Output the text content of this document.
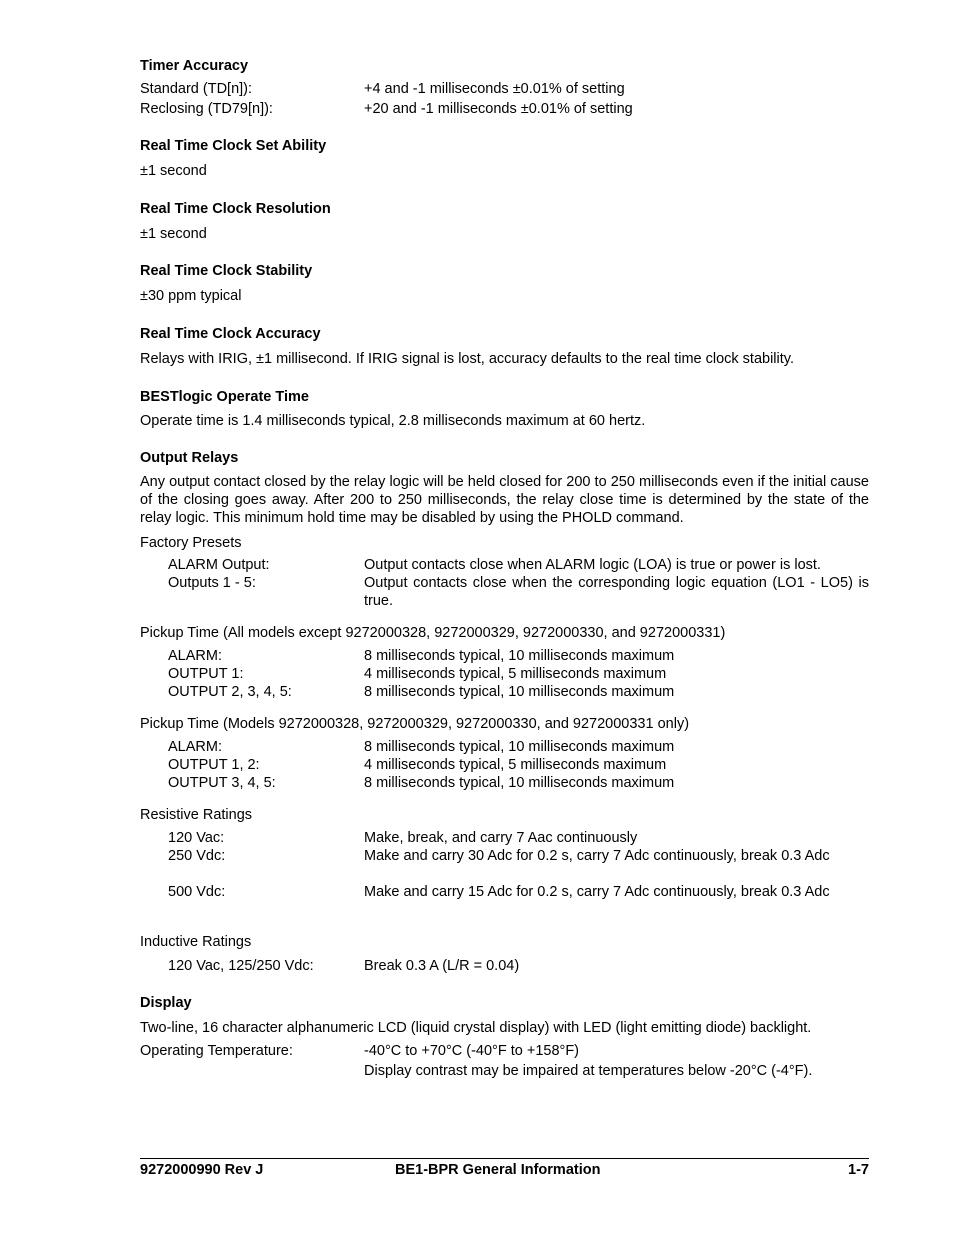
Timer Accuracy
Standard (TD[n]):	+4 and -1 milliseconds ±0.01% of setting
Reclosing (TD79[n]):	+20 and -1 milliseconds ±0.01% of setting
Real Time Clock Set Ability
±1 second
Real Time Clock Resolution
±1 second
Real Time Clock Stability
±30 ppm typical
Real Time Clock Accuracy
Relays with IRIG, ±1 millisecond. If IRIG signal is lost, accuracy defaults to the real time clock stability.
BESTlogic Operate Time
Operate time is 1.4 milliseconds typical, 2.8 milliseconds maximum at 60 hertz.
Output Relays
Any output contact closed by the relay logic will be held closed for 200 to 250 milliseconds even if the initial cause of the closing goes away. After 200 to 250 milliseconds, the relay close time is determined by the state of the relay logic. This minimum hold time may be disabled by using the PHOLD command.
Factory Presets
ALARM Output:	Output contacts close when ALARM logic (LOA) is true or power is lost.
Outputs 1 - 5:	Output contacts close when the corresponding logic equation (LO1 - LO5) is true.
Pickup Time (All models except 9272000328, 9272000329, 9272000330, and 9272000331)
ALARM:	8 milliseconds typical, 10 milliseconds maximum
OUTPUT 1:	4 milliseconds typical, 5 milliseconds maximum
OUTPUT 2, 3, 4, 5:	8 milliseconds typical, 10 milliseconds maximum
Pickup Time (Models 9272000328, 9272000329, 9272000330, and 9272000331 only)
ALARM:	8 milliseconds typical, 10 milliseconds maximum
OUTPUT 1, 2:	4 milliseconds typical, 5 milliseconds maximum
OUTPUT 3, 4, 5:	8 milliseconds typical, 10 milliseconds maximum
Resistive Ratings
120 Vac:	Make, break, and carry 7 Aac continuously
250 Vdc:	Make and carry 30 Adc for 0.2 s, carry 7 Adc continuously, break 0.3 Adc
500 Vdc:	Make and carry 15 Adc for 0.2 s, carry 7 Adc continuously, break 0.3 Adc
Inductive Ratings
120 Vac, 125/250 Vdc:	Break 0.3 A (L/R = 0.04)
Display
Two-line, 16 character alphanumeric LCD (liquid crystal display) with LED (light emitting diode) backlight.
Operating Temperature:	-40°C to +70°C (-40°F to +158°F)
Display contrast may be impaired at temperatures below -20°C (-4°F).
9272000990 Rev J	BE1-BPR General Information	1-7
